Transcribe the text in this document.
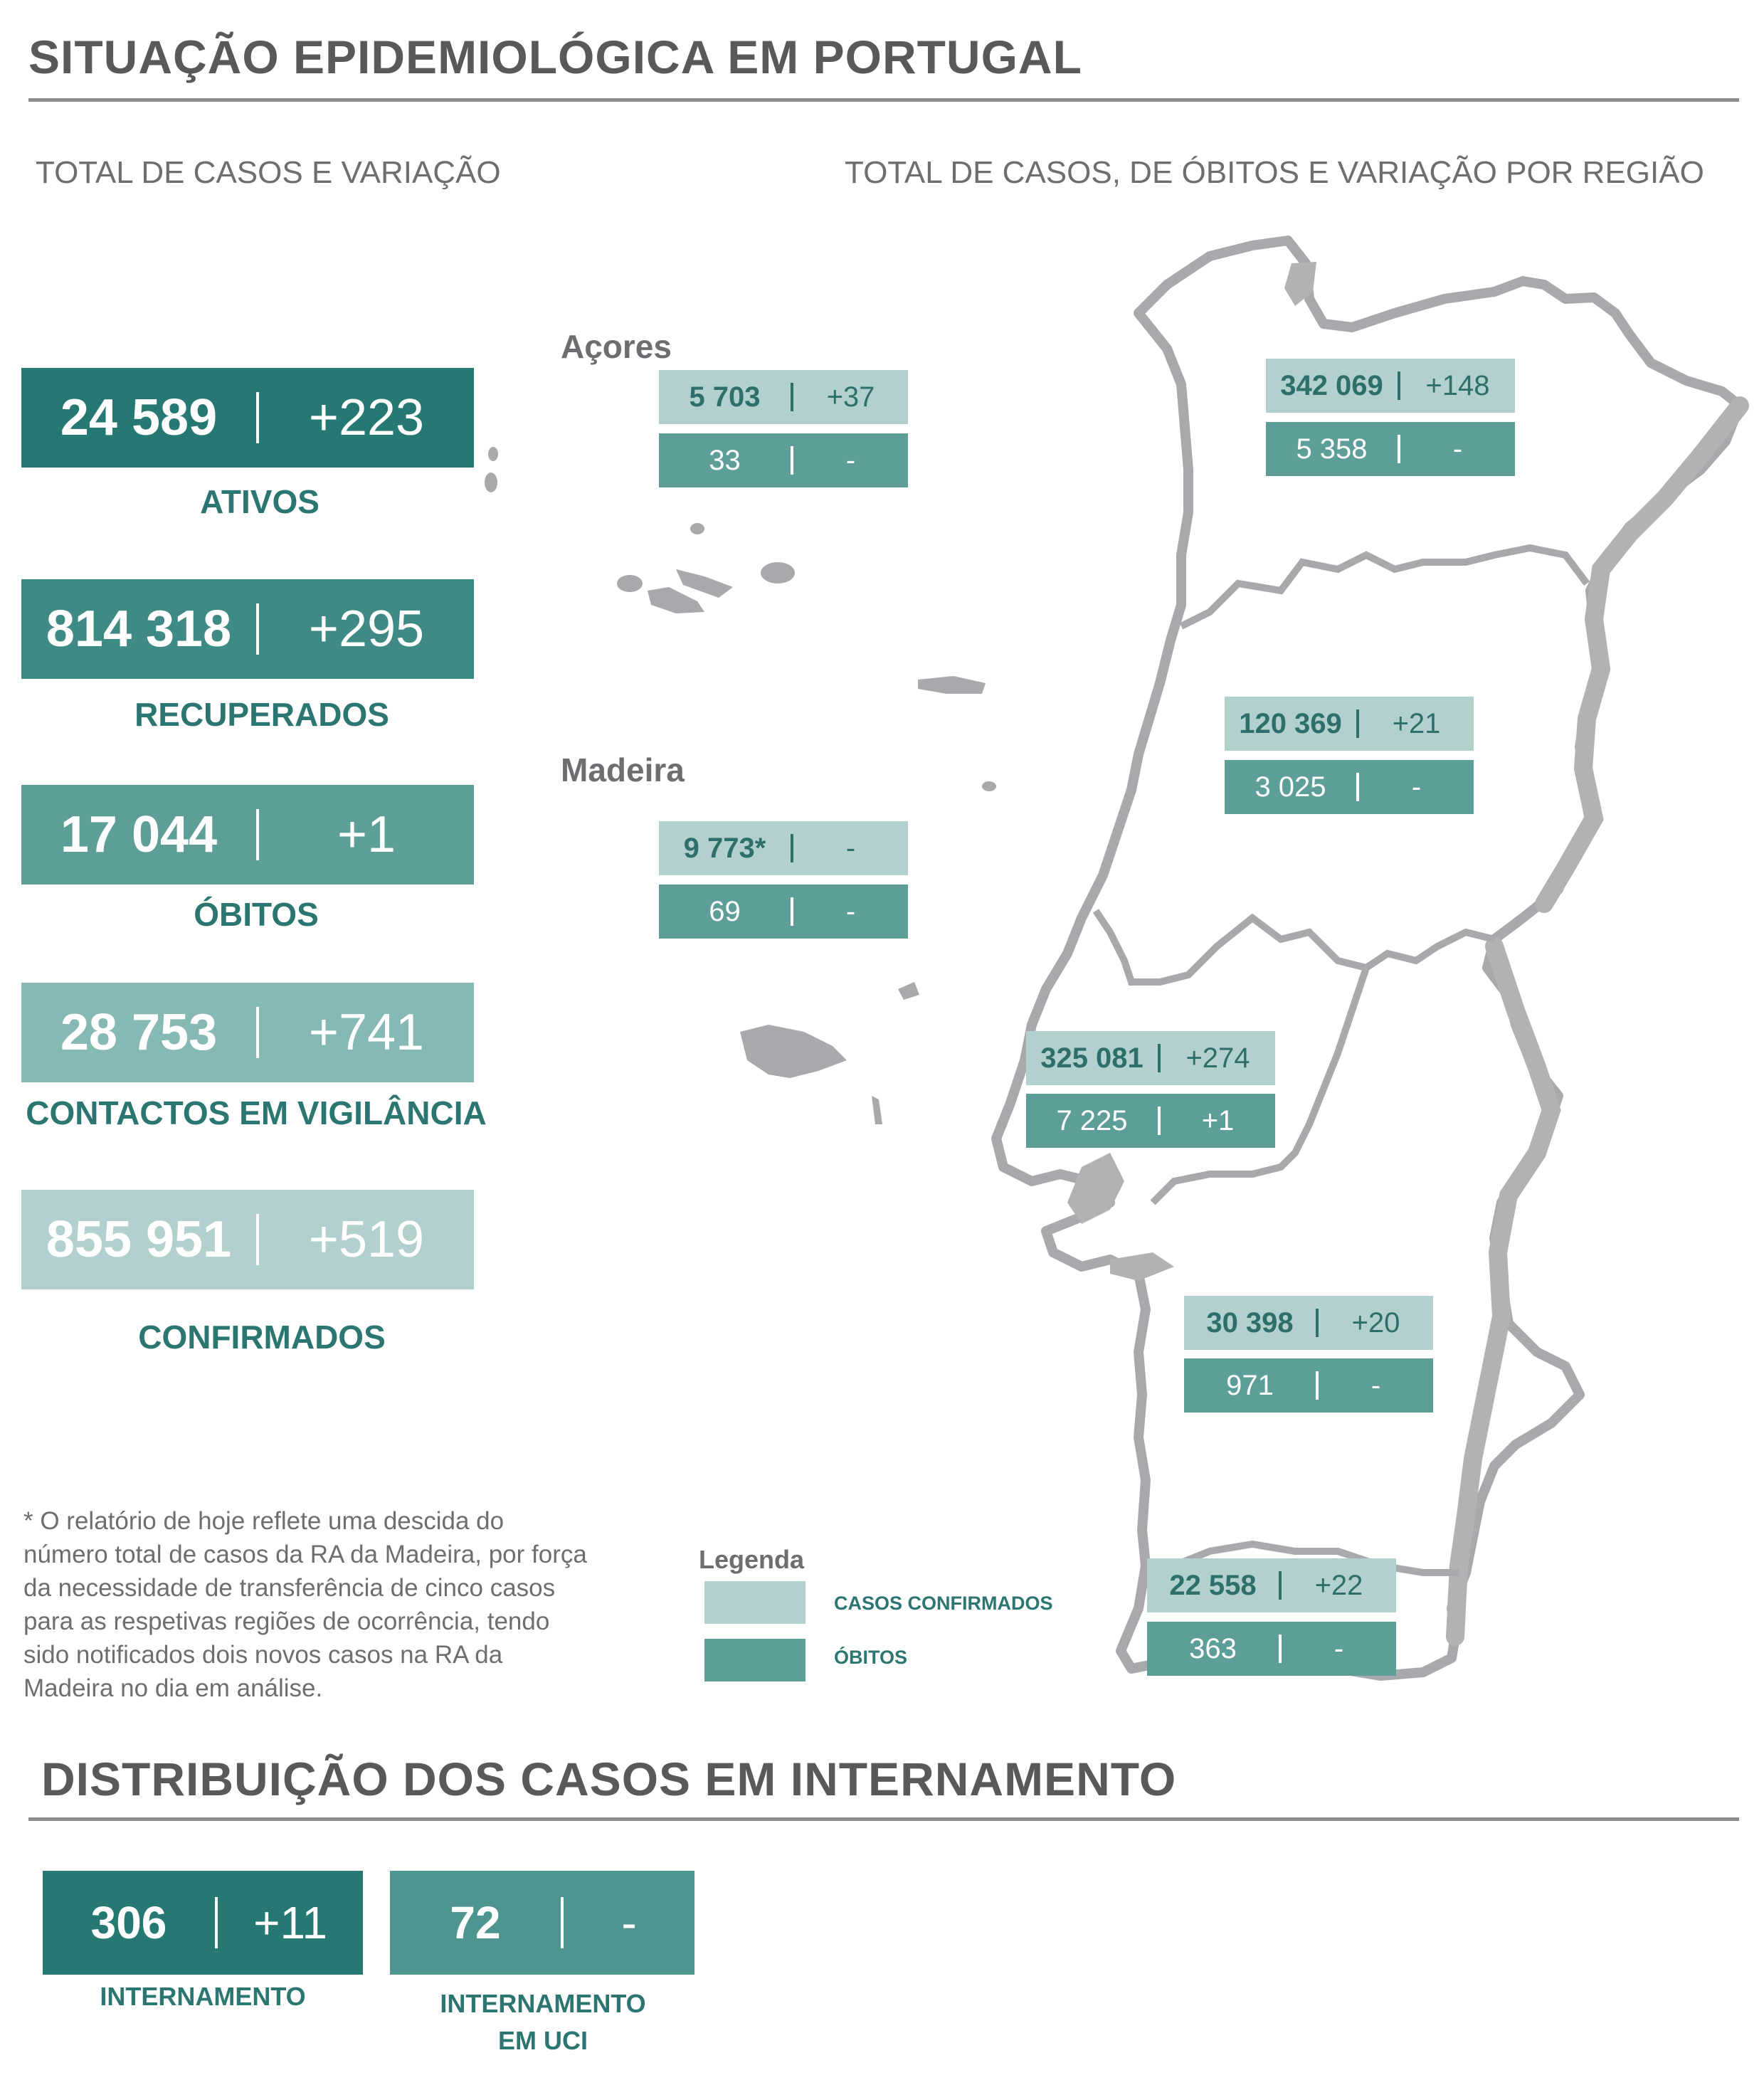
SITUAÇÃO EPIDEMIOLÓGICA EM PORTUGAL
TOTAL DE CASOS E VARIAÇÃO	TOTAL DE CASOS, DE ÓBITOS E VARIAÇÃO POR REGIÃO
24 589	+223
ATIVOS
814 318	+295
RECUPERADOS
17 044	+1
ÓBITOS
28 753	+741
CONTACTOS EM VIGILÂNCIA
855 951	+519
CONFIRMADOS
Açores
Madeira
5 703	+37
33	-
9 773*	-
69	-
342 069	+148
5 358	-
120 369	+21
3 025	-
325 081	+274
7 225	+1
30 398	+20
971	-
22 558	+22
363	-
* O relatório de hoje reflete uma descida do número total de casos da RA da Madeira, por força da necessidade de transferência de cinco casos para as respetivas regiões de ocorrência, tendo sido notificados dois novos casos na RA da Madeira no dia em análise.
Legenda
CASOS CONFIRMADOS
ÓBITOS
DISTRIBUIÇÃO DOS CASOS EM INTERNAMENTO
306	+11
INTERNAMENTO
72	-
INTERNAMENTO EM UCI
